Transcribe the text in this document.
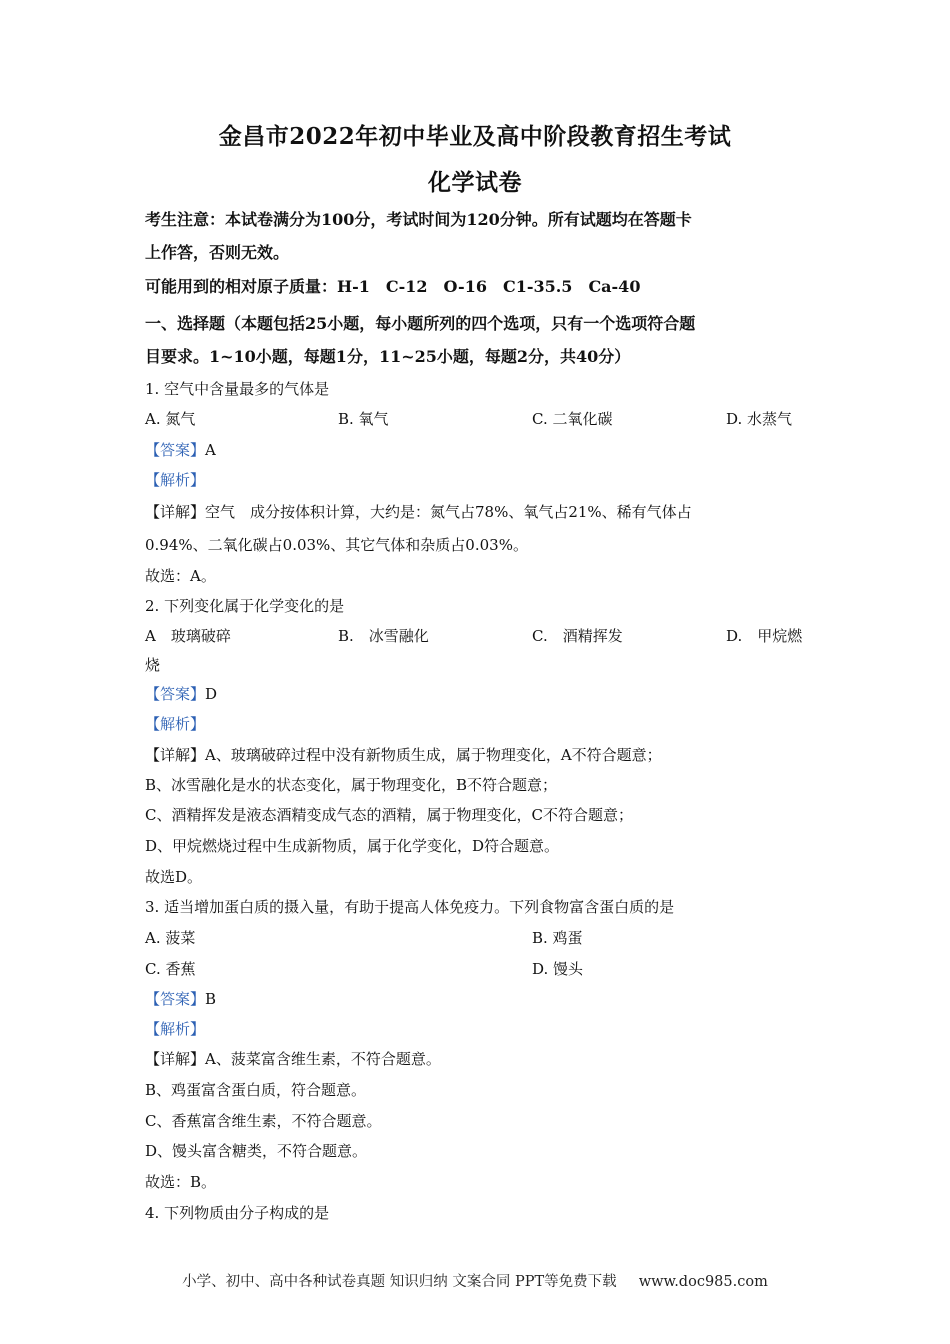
金昌市2022年初中毕业及高中阶段教育招生考试
化学试卷
考生注意：本试卷满分为100分，考试时间为120分钟。所有试题均在答题卡
上作答，否则无效。
可能用到的相对原子质量：H-1　C-12　O-16　C1-35.5　Ca-40
一、选择题（本题包括25小题，每小题所列的四个选项，只有一个选项符合题
目要求。1~10小题，每题1分，11~25小题，每题2分，共40分）
1. 空气中含量最多的气体是
A. 氮气	B. 氧气	C. 二氧化碳	D. 水蒸气
【答案】A
【解析】
【详解】空气　成分按体积计算，大约是：氮气占78%、氧气占21%、稀有气体占
0.94%、二氧化碳占0.03%、其它气体和杂质占0.03%。
故选：A。
2. 下列变化属于化学变化的是
A　玻璃破碎	B.　冰雪融化	C.　酒精挥发	D.　甲烷燃
烧
【答案】D
【解析】
【详解】A、玻璃破碎过程中没有新物质生成，属于物理变化，A不符合题意；
B、冰雪融化是水的状态变化，属于物理变化，B不符合题意；
C、酒精挥发是液态酒精变成气态的酒精，属于物理变化，C不符合题意；
D、甲烷燃烧过程中生成新物质，属于化学变化，D符合题意。
故选D。
3. 适当增加蛋白质的摄入量，有助于提高人体免疫力。下列食物富含蛋白质的是
A. 菠菜	B. 鸡蛋
C. 香蕉	D. 馒头
【答案】B
【解析】
【详解】A、菠菜富含维生素，不符合题意。
B、鸡蛋富含蛋白质，符合题意。
C、香蕉富含维生素，不符合题意。
D、馒头富含糖类，不符合题意。
故选：B。
4. 下列物质由分子构成的是
小学、初中、高中各种试卷真题 知识归纳 文案合同 PPT等免费下载 www.doc985.com
